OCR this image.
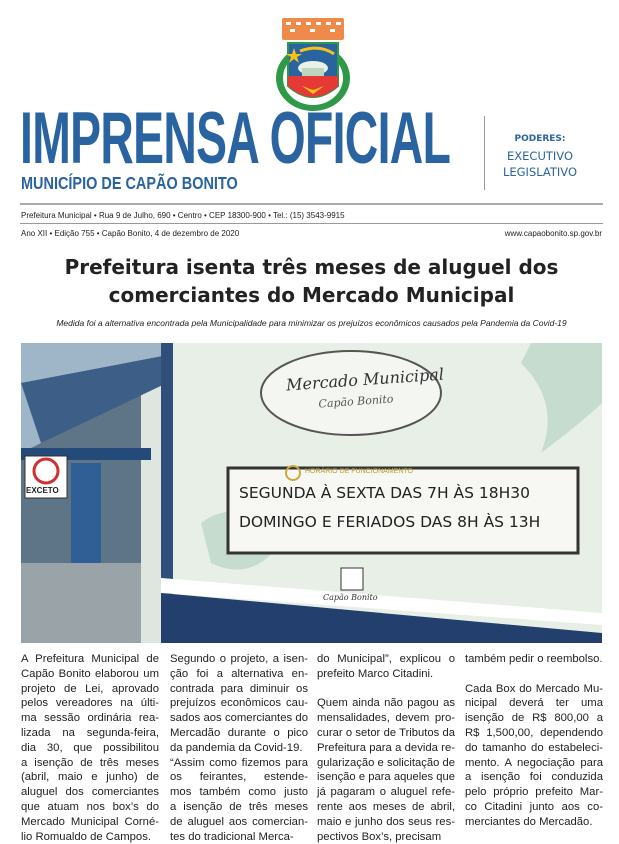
IMPRENSA OFICIAL
MUNICÍPIO DE CAPÃO BONITO
PODERES:
EXECUTIVO
LEGISLATIVO
Prefeitura Municipal • Rua 9 de Julho, 690 • Centro • CEP 18300-900 • Tel.: (15) 3543-9915
Ano XII • Edição 755 • Capão Bonito, 4 de dezembro de 2020	www.capaobonito.sp.gov.br
Prefeitura isenta três meses de aluguel dos
comerciantes do Mercado Municipal
Medida foi a alternativa encontrada pela Municipalidade para minimizar os prejuízos econômicos causados pela Pandemia da Covid-19
Mercado Municipal
Capão Bonito
HORÁRIO DE FUNCIONAMENTO
SEGUNDA À SEXTA DAS 7H ÀS 18H30
DOMINGO E FERIADOS DAS 8H ÀS 13H
EXCETO
Capão Bonito
A Prefeitura Municipal de
Capão Bonito elaborou um
projeto de Lei, aprovado
pelos vereadores na últi-
ma sessão ordinária rea-
lizada na segunda-feira,
dia 30, que possibilitou
a isenção de três meses
(abril, maio e junho) de
aluguel dos comerciantes
que atuam nos box’s do
Mercado Municipal Corné-
lio Romualdo de Campos.
Segundo o projeto, a isen-
ção foi a alternativa en-
contrada para diminuir os
prejuízos econômicos cau-
sados aos comerciantes do
Mercadão durante o pico
da pandemia da Covid-19.
“Assim como fizemos para
os feirantes, estende-
mos também como justo
a isenção de três meses
de aluguel aos comercian-
tes do tradicional Merca-
do Municipal”, explicou o
prefeito Marco Citadini.
Quem ainda não pagou as
mensalidades, devem pro-
curar o setor de Tributos da
Prefeitura para a devida re-
gularização e solicitação de
isenção e para aqueles que
já pagaram o aluguel refe-
rente aos meses de abril,
maio e junho dos seus res-
pectivos Box’s, precisam
também pedir o reembolso.
Cada Box do Mercado Mu-
nicipal deverá ter uma
isenção de R$ 800,00 a
R$ 1,500,00, dependendo
do tamanho do estabeleci-
mento. A negociação para
a isenção foi conduzida
pelo próprio prefeito Mar-
co Citadini junto aos co-
merciantes do Mercadão.
